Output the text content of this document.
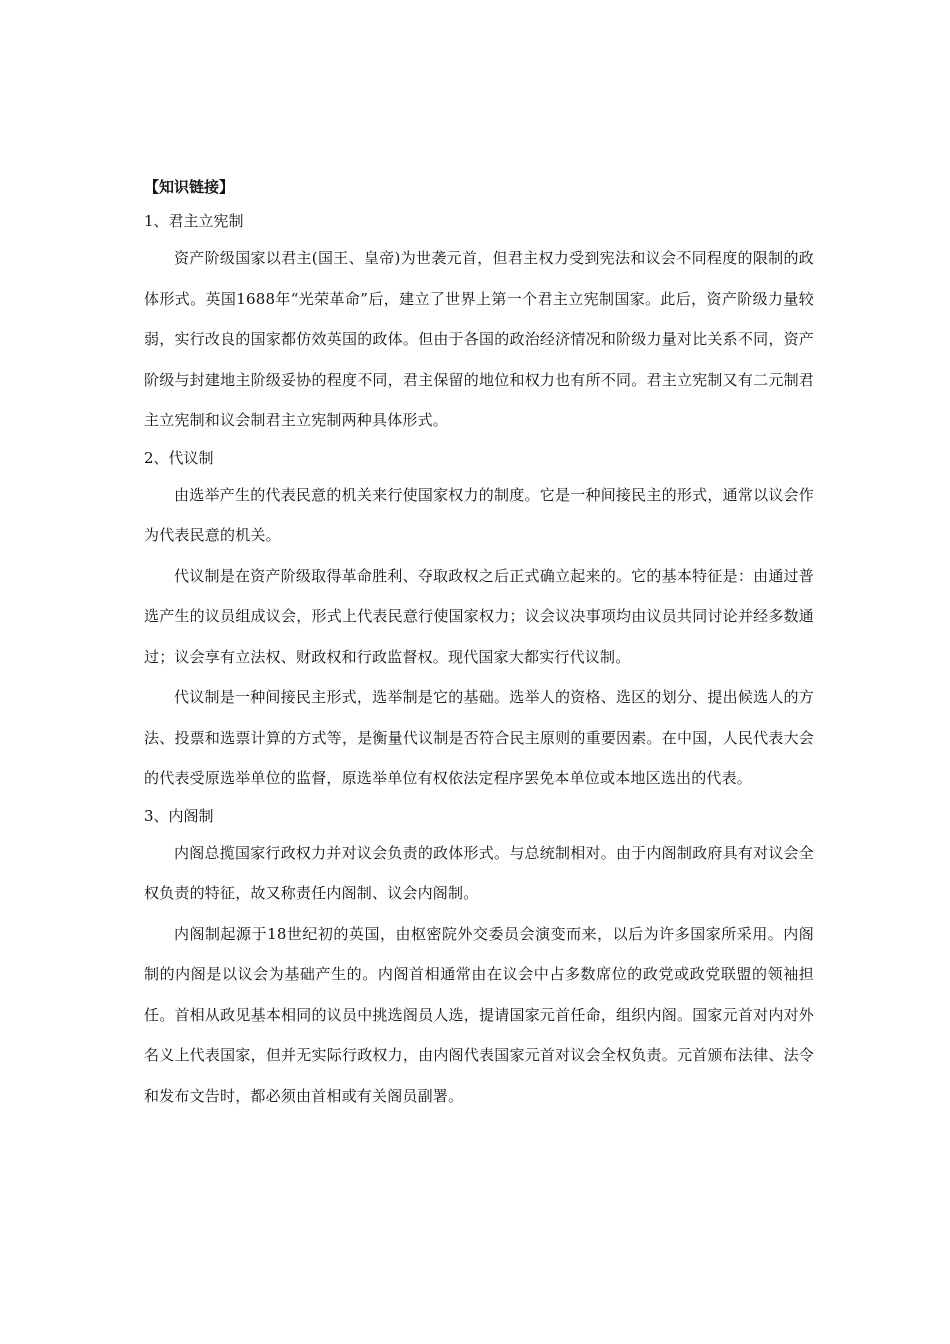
【知识链接】

1、君主立宪制

资产阶级国家以君主(国王、皇帝)为世袭元首，但君主权力受到宪法和议会不同程度的限制的政体形式。英国1688年“光荣革命”后，建立了世界上第一个君主立宪制国家。此后，资产阶级力量较弱，实行改良的国家都仿效英国的政体。但由于各国的政治经济情况和阶级力量对比关系不同，资产阶级与封建地主阶级妥协的程度不同，君主保留的地位和权力也有所不同。君主立宪制又有二元制君主立宪制和议会制君主立宪制两种具体形式。

2、代议制

由选举产生的代表民意的机关来行使国家权力的制度。它是一种间接民主的形式，通常以议会作为代表民意的机关。

代议制是在资产阶级取得革命胜利、夺取政权之后正式确立起来的。它的基本特征是：由通过普选产生的议员组成议会，形式上代表民意行使国家权力；议会议决事项均由议员共同讨论并经多数通过；议会享有立法权、财政权和行政监督权。现代国家大都实行代议制。

代议制是一种间接民主形式，选举制是它的基础。选举人的资格、选区的划分、提出候选人的方法、投票和选票计算的方式等，是衡量代议制是否符合民主原则的重要因素。在中国，人民代表大会的代表受原选举单位的监督，原选举单位有权依法定程序罢免本单位或本地区选出的代表。

3、内阁制

内阁总揽国家行政权力并对议会负责的政体形式。与总统制相对。由于内阁制政府具有对议会全权负责的特征，故又称责任内阁制、议会内阁制。

内阁制起源于18世纪初的英国，由枢密院外交委员会演变而来，以后为许多国家所采用。内阁制的内阁是以议会为基础产生的。内阁首相通常由在议会中占多数席位的政党或政党联盟的领袖担任。首相从政见基本相同的议员中挑选阁员人选，提请国家元首任命，组织内阁。国家元首对内对外名义上代表国家，但并无实际行政权力，由内阁代表国家元首对议会全权负责。元首颁布法律、法令和发布文告时，都必须由首相或有关阁员副署。
